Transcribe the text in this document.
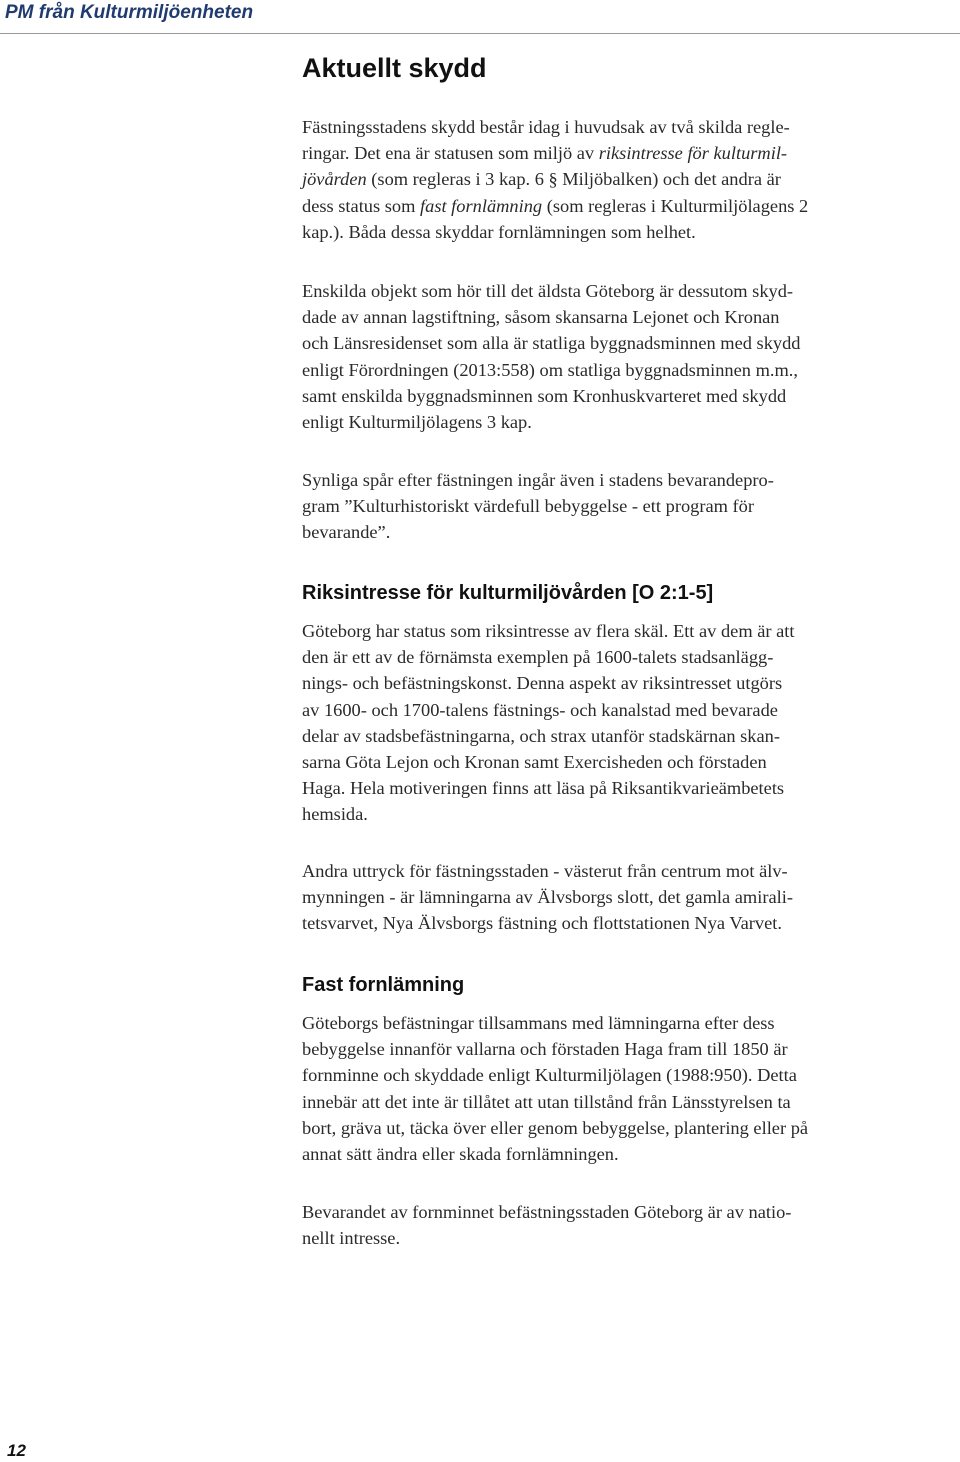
PM från Kulturmiljöenheten
Aktuellt skydd

Fästningsstadens skydd består idag i huvudsak av två skilda regle-
ringar. Det ena är statusen som miljö av riksintresse för kulturmil-
jövården (som regleras i 3 kap. 6 § Miljöbalken) och det andra är
dess status som fast fornlämning (som regleras i Kulturmiljölagens 2
kap.). Båda dessa skyddar fornlämningen som helhet.

Enskilda objekt som hör till det äldsta Göteborg är dessutom skyd-
dade av annan lagstiftning, såsom skansarna Lejonet och Kronan
och Länsresidenset som alla är statliga byggnadsminnen med skydd
enligt Förordningen (2013:558) om statliga byggnadsminnen m.m.,
samt enskilda byggnadsminnen som Kronhuskvarteret med skydd
enligt Kulturmiljölagens 3 kap.

Synliga spår efter fästningen ingår även i stadens bevarandepro-
gram ”Kulturhistoriskt värdefull bebyggelse - ett program för
bevarande”.

Riksintresse för kulturmiljövården [O 2:1-5]

Göteborg har status som riksintresse av flera skäl. Ett av dem är att
den är ett av de förnämsta exemplen på 1600-talets stadsanlägg-
nings- och befästningskonst. Denna aspekt av riksintresset utgörs
av 1600- och 1700-talens fästnings- och kanalstad med bevarade
delar av stadsbefästningarna, och strax utanför stadskärnan skan-
sarna Göta Lejon och Kronan samt Exercisheden och förstaden
Haga. Hela motiveringen finns att läsa på Riksantikvarieämbetets
hemsida.

Andra uttryck för fästningsstaden - västerut från centrum mot älv-
mynningen - är lämningarna av Älvsborgs slott, det gamla amirali-
tetsvarvet, Nya Älvsborgs fästning och flottstationen Nya Varvet.

Fast fornlämning

Göteborgs befästningar tillsammans med lämningarna efter dess
bebyggelse innanför vallarna och förstaden Haga fram till 1850 är
fornminne och skyddade enligt Kulturmiljölagen (1988:950). Detta
innebär att det inte är tillåtet att utan tillstånd från Länsstyrelsen ta
bort, gräva ut, täcka över eller genom bebyggelse, plantering eller på
annat sätt ändra eller skada fornlämningen.

Bevarandet av fornminnet befästningsstaden Göteborg är av natio-
nellt intresse.

12
